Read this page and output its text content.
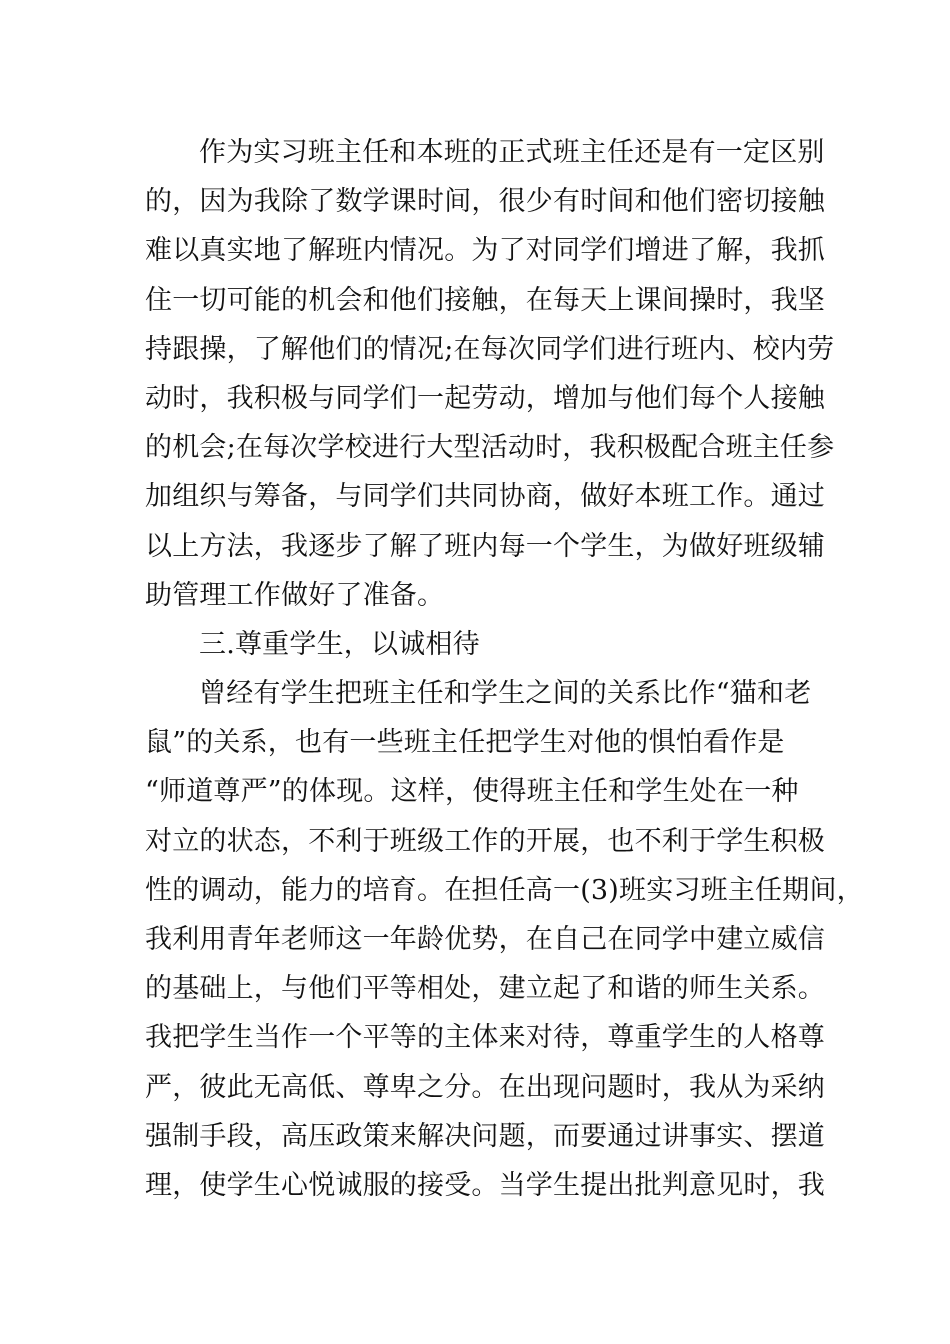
作为实习班主任和本班的正式班主任还是有一定区别
的，因为我除了数学课时间，很少有时间和他们密切接触
难以真实地了解班内情况。为了对同学们增进了解，我抓
住一切可能的机会和他们接触，在每天上课间操时，我坚
持跟操，了解他们的情况;在每次同学们进行班内、校内劳
动时，我积极与同学们一起劳动，增加与他们每个人接触
的机会;在每次学校进行大型活动时，我积极配合班主任参
加组织与筹备，与同学们共同协商，做好本班工作。通过
以上方法，我逐步了解了班内每一个学生，为做好班级辅
助管理工作做好了准备。
三.尊重学生，以诚相待
曾经有学生把班主任和学生之间的关系比作“猫和老
鼠”的关系，也有一些班主任把学生对他的惧怕看作是
“师道尊严”的体现。这样，使得班主任和学生处在一种
对立的状态，不利于班级工作的开展，也不利于学生积极
性的调动，能力的培育。在担任高一(3)班实习班主任期间，
我利用青年老师这一年龄优势，在自己在同学中建立威信
的基础上，与他们平等相处，建立起了和谐的师生关系。
我把学生当作一个平等的主体来对待，尊重学生的人格尊
严，彼此无高低、尊卑之分。在出现问题时，我从为采纳
强制手段，高压政策来解决问题，而要通过讲事实、摆道
理，使学生心悦诚服的接受。当学生提出批判意见时，我
